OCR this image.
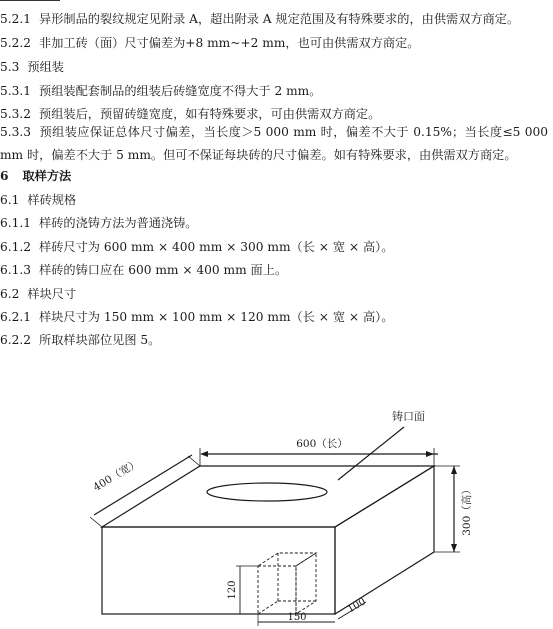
5.2.1 异形制品的裂纹规定见附录 A，超出附录 A 规定范围及有特殊要求的，由供需双方商定。
5.2.2 非加工砖（面）尺寸偏差为+8 mm~+2 mm，也可由供需双方商定。
5.3 预组装
5.3.1 预组装配套制品的组装后砖缝宽度不得大于 2 mm。
5.3.2 预组装后，预留砖缝宽度，如有特殊要求，可由供需双方商定。
5.3.3 预组装应保证总体尺寸偏差，当长度＞5 000 mm 时，偏差不大于 0.15%；当长度≤5 000 mm 时，偏差不大于 5 mm。但可不保证每块砖的尺寸偏差。如有特殊要求，由供需双方商定。
6 取样方法
6.1 样砖规格
6.1.1 样砖的浇铸方法为普通浇铸。
6.1.2 样砖尺寸为 600 mm × 400 mm × 300 mm（长 × 宽 × 高）。
6.1.3 样砖的铸口应在 600 mm × 400 mm 面上。
6.2 样块尺寸
6.2.1 样块尺寸为 150 mm × 100 mm × 120 mm（长 × 宽 × 高）。
6.2.2 所取样块部位见图 5。
铸口面
600（长）
400（宽）
300（高）
120
150
100
